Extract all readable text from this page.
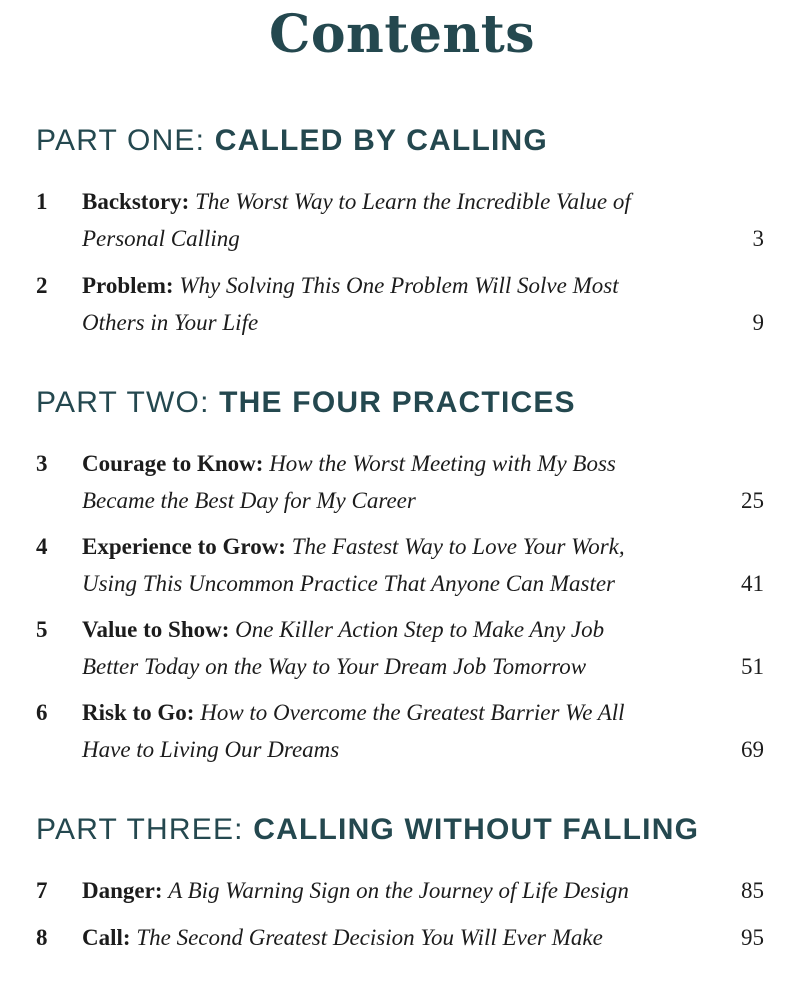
Contents
PART ONE: CALLED BY CALLING
1	Backstory: The Worst Way to Learn the Incredible Value of
Personal Calling	3
2	Problem: Why Solving This One Problem Will Solve Most
Others in Your Life	9
PART TWO: THE FOUR PRACTICES
3	Courage to Know: How the Worst Meeting with My Boss
Became the Best Day for My Career	25
4	Experience to Grow: The Fastest Way to Love Your Work,
Using This Uncommon Practice That Anyone Can Master	41
5	Value to Show: One Killer Action Step to Make Any Job
Better Today on the Way to Your Dream Job Tomorrow	51
6	Risk to Go: How to Overcome the Greatest Barrier We All
Have to Living Our Dreams	69
PART THREE: CALLING WITHOUT FALLING
7	Danger: A Big Warning Sign on the Journey of Life Design	85
8	Call: The Second Greatest Decision You Will Ever Make	95
